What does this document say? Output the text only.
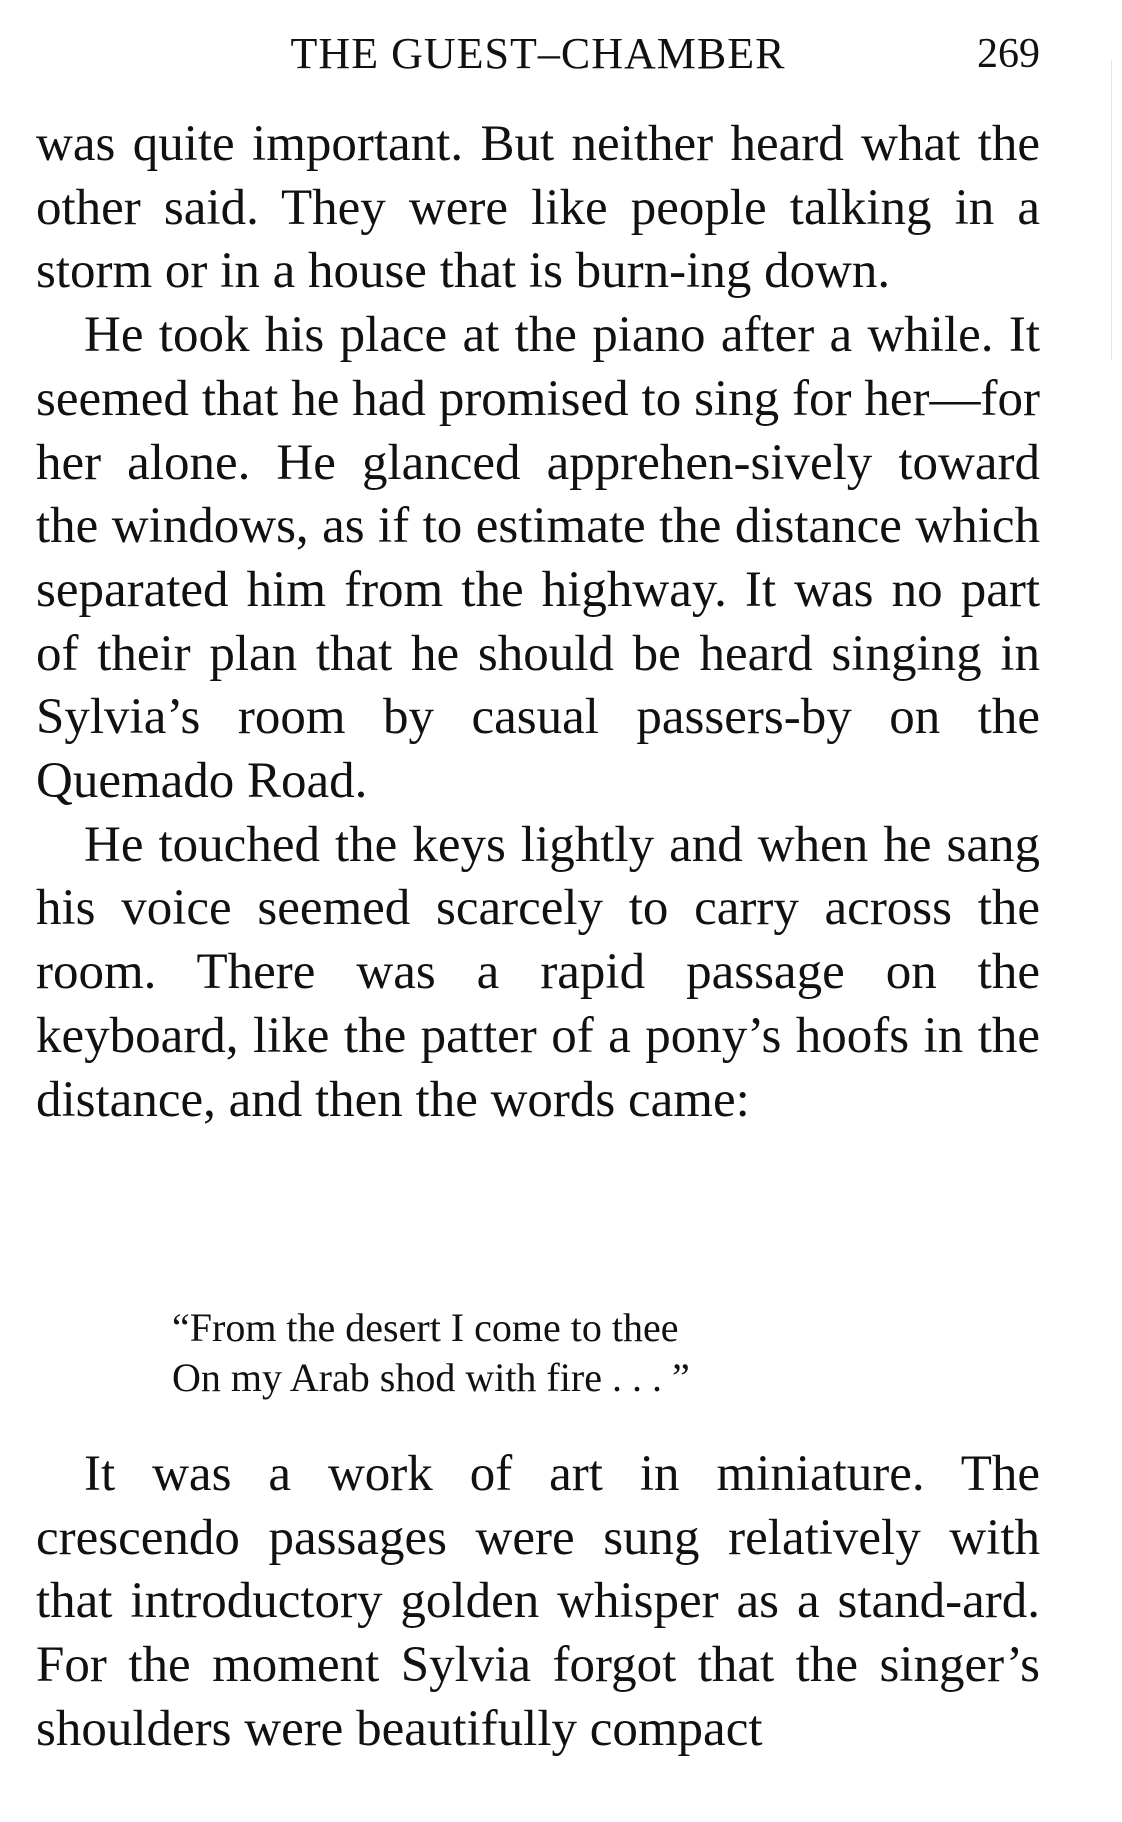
THE GUEST–CHAMBER	269

was quite important. But neither heard what the other said. They were like people talking in a storm or in a house that is burn-ing down.

He took his place at the piano after a while. It seemed that he had promised to sing for her—for her alone. He glanced apprehen-sively toward the windows, as if to estimate the distance which separated him from the highway. It was no part of their plan that he should be heard singing in Sylvia’s room by casual passers-by on the Quemado Road.

He touched the keys lightly and when he sang his voice seemed scarcely to carry across the room. There was a rapid passage on the keyboard, like the patter of a pony’s hoofs in the distance, and then the words came:

“From the desert I come to thee
On my Arab shod with fire . . . ”

It was a work of art in miniature. The crescendo passages were sung relatively with that introductory golden whisper as a stand-ard. For the moment Sylvia forgot that the singer’s shoulders were beautifully compact
